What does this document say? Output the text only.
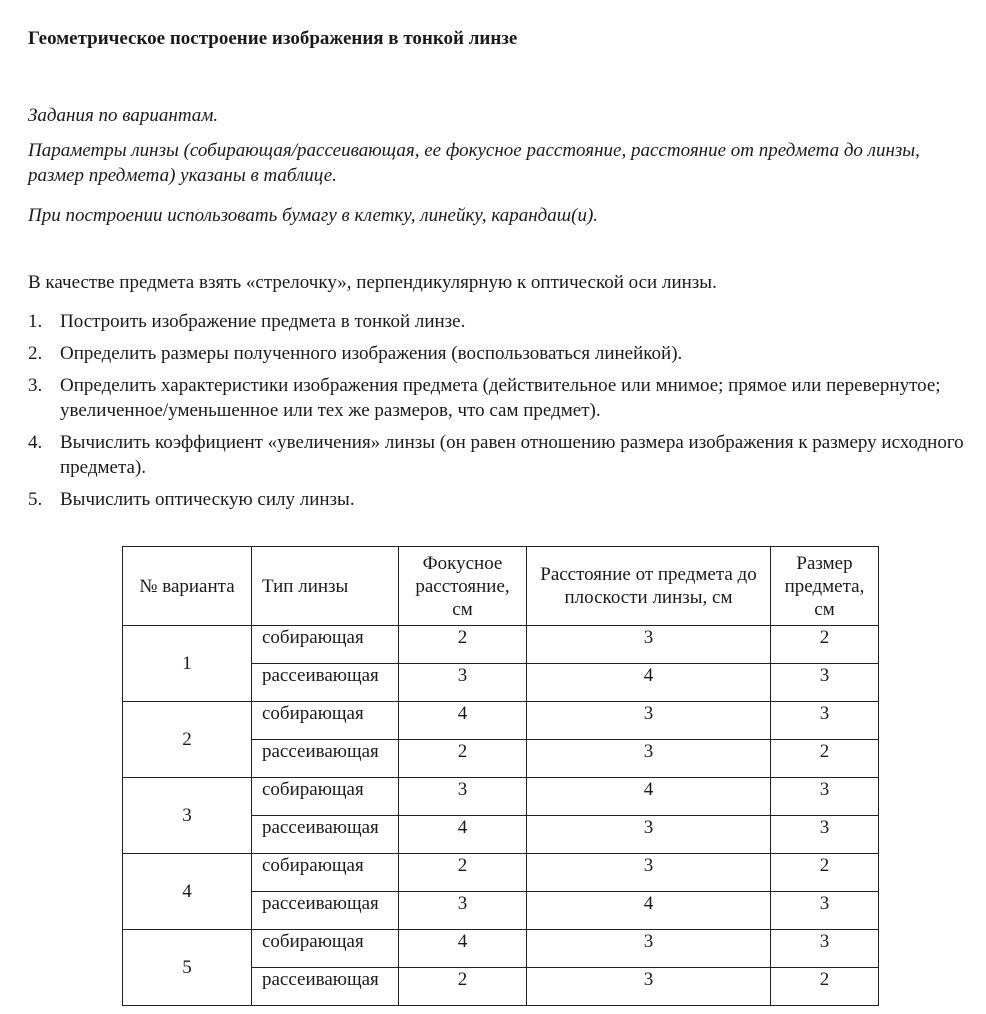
Геометрическое построение изображения в тонкой линзе

Задания по вариантам.

Параметры линзы (собирающая/рассеивающая, ее фокусное расстояние, расстояние от предмета до линзы, размер предмета) указаны в таблице.

При построении использовать бумагу в клетку, линейку, карандаш(и).

В качестве предмета взять «стрелочку», перпендикулярную к оптической оси линзы.

1. Построить изображение предмета в тонкой линзе.
2. Определить размеры полученного изображения (воспользоваться линейкой).
3. Определить характеристики изображения предмета (действительное или мнимое; прямое или перевернутое; увеличенное/уменьшенное или тех же размеров, что сам предмет).
4. Вычислить коэффициент «увеличения» линзы (он равен отношению размера изображения к размеру исходного предмета).
5. Вычислить оптическую силу линзы.
№ варианта	Тип линзы	Фокусное расстояние, см	Расстояние от предмета до плоскости линзы, см	Размер предмета, см
1	собирающая	2	3	2
	рассеивающая	3	4	3
2	собирающая	4	3	3
	рассеивающая	2	3	2
3	собирающая	3	4	3
	рассеивающая	4	3	3
4	собирающая	2	3	2
	рассеивающая	3	4	3
5	собирающая	4	3	3
	рассеивающая	2	3	2
